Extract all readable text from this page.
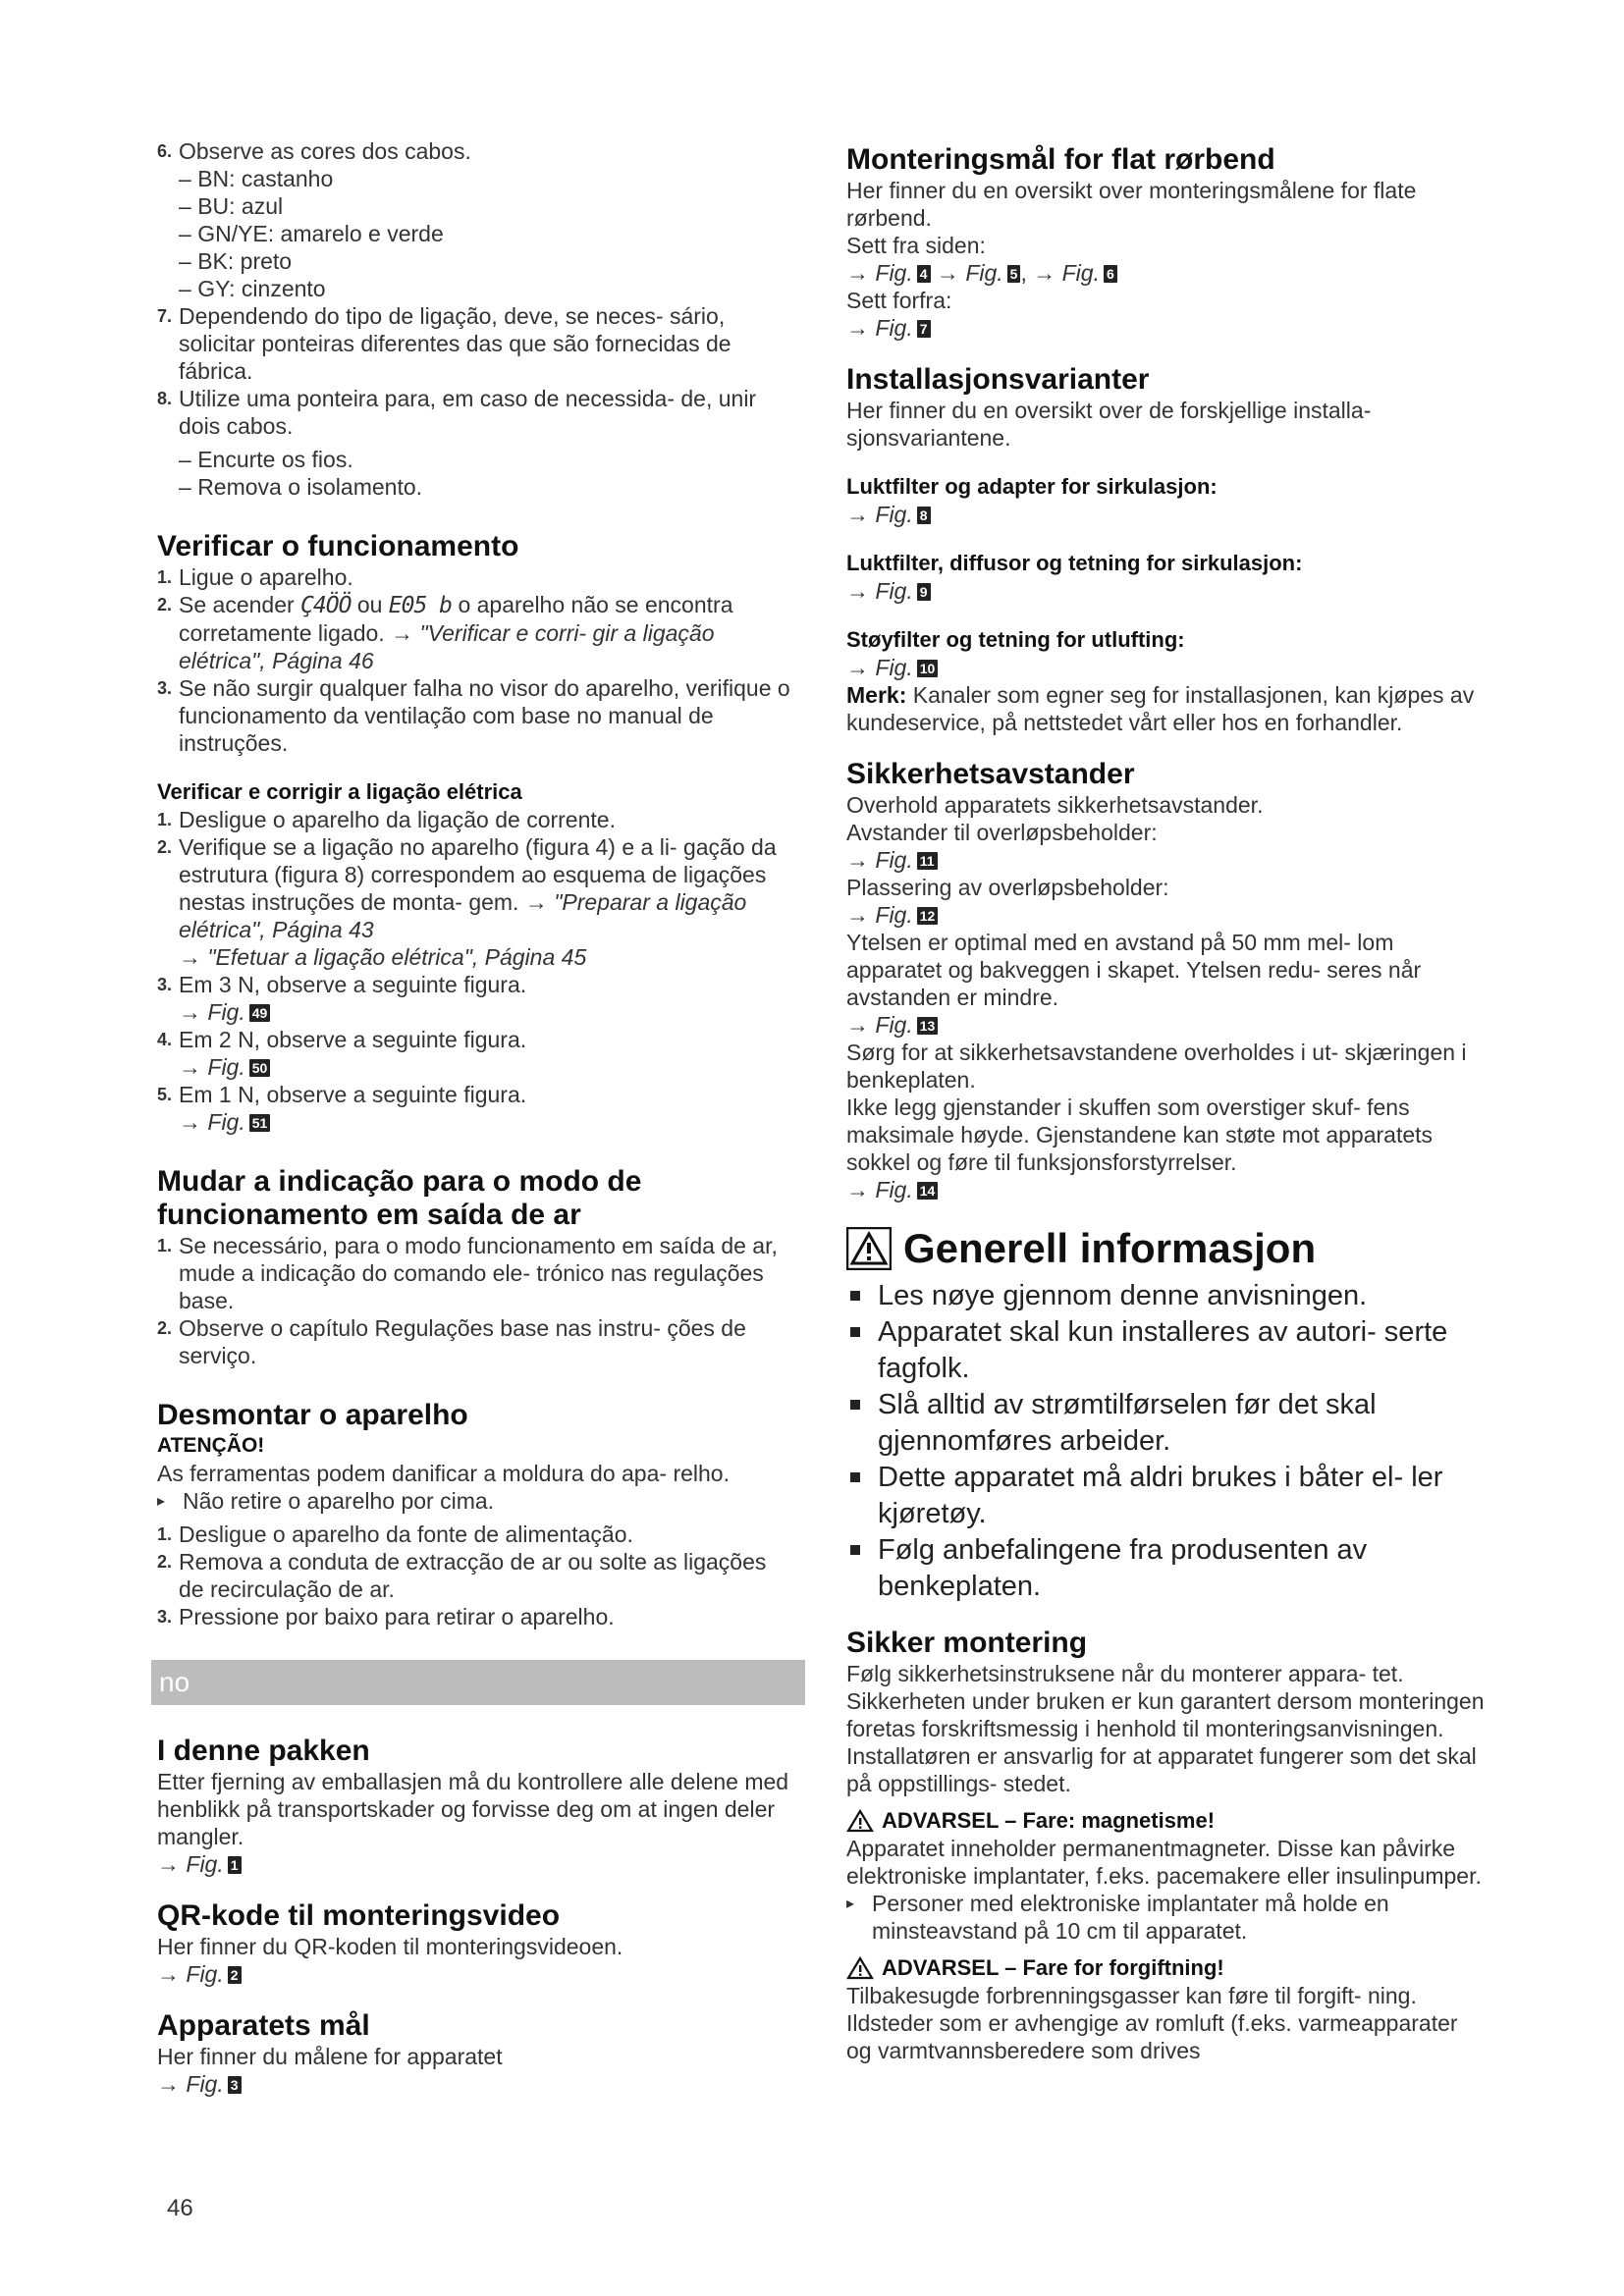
6. Observe as cores dos cabos.
– BN: castanho
– BU: azul
– GN/YE: amarelo e verde
– BK: preto
– GY: cinzento
7. Dependendo do tipo de ligação, deve, se neces- sário, solicitar ponteiras diferentes das que são fornecidas de fábrica.
8. Utilize uma ponteira para, em caso de necessida- de, unir dois cabos.
– Encurte os fios.
– Remova o isolamento.
Verificar o funcionamento
1. Ligue o aparelho.
2. Se acender Ç4ÖÖ ou E05 b o aparelho não se encontra corretamente ligado. → "Verificar e corri- gir a ligação elétrica", Página 46
3. Se não surgir qualquer falha no visor do aparelho, verifique o funcionamento da ventilação com base no manual de instruções.
Verificar e corrigir a ligação elétrica
1. Desligue o aparelho da ligação de corrente.
2. Verifique se a ligação no aparelho (figura 4) e a li- gação da estrutura (figura 8) correspondem ao esquema de ligações nestas instruções de monta- gem. → "Preparar a ligação elétrica", Página 43
→ "Efetuar a ligação elétrica", Página 45
3. Em 3 N, observe a seguinte figura.
→ Fig. 49
4. Em 2 N, observe a seguinte figura.
→ Fig. 50
5. Em 1 N, observe a seguinte figura.
→ Fig. 51
Mudar a indicação para o modo de funcionamento em saída de ar
1. Se necessário, para o modo funcionamento em saída de ar, mude a indicação do comando ele- trónico nas regulações base.
2. Observe o capítulo Regulações base nas instru- ções de serviço.
Desmontar o aparelho

ATENÇÃO!

As ferramentas podem danificar a moldura do apa- relho.

▸ Não retire o aparelho por cima.
1. Desligue o aparelho da fonte de alimentação.
2. Remova a conduta de extracção de ar ou solte as ligações de recirculação de ar.
3. Pressione por baixo para retirar o aparelho.
no
I denne pakken

Etter fjerning av emballasjen må du kontrollere alle delene med henblikk på transportskader og forvisse deg om at ingen deler mangler.

→ Fig. 1

QR-kode til monteringsvideo

Her finner du QR-koden til monteringsvideoen.

→ Fig. 2

Apparatets mål

Her finner du målene for apparatet

→ Fig. 3

Monteringsmål for flat rørbend

Her finner du en oversikt over monteringsmålene for flate rørbend.

Sett fra siden:

→ Fig. 4 → Fig. 5 , → Fig. 6

Sett forfra:

→ Fig. 7

Installasjonsvarianter

Her finner du en oversikt over de forskjellige installa- sjonsvariantene.

Luktfilter og adapter for sirkulasjon:

→ Fig. 8

Luktfilter, diffusor og tetning for sirkulasjon:

→ Fig. 9

Støyfilter og tetning for utlufting:

→ Fig. 10

Merk: Kanaler som egner seg for installasjonen, kan kjøpes av kundeservice, på nettstedet vårt eller hos en forhandler.

Sikkerhetsavstander

Overhold apparatets sikkerhetsavstander.

Avstander til overløpsbeholder:

→ Fig. 11

Plassering av overløpsbeholder:

→ Fig. 12

Ytelsen er optimal med en avstand på 50 mm mel- lom apparatet og bakveggen i skapet. Ytelsen redu- seres når avstanden er mindre.

→ Fig. 13

Sørg for at sikkerhetsavstandene overholdes i ut- skjæringen i benkeplaten.

Ikke legg gjenstander i skuffen som overstiger skuf- fens maksimale høyde. Gjenstandene kan støte mot apparatets sokkel og føre til funksjonsforstyrrelser.

→ Fig. 14

Generell informasjon
Les nøye gjennom denne anvisningen.
Apparatet skal kun installeres av autori- serte fagfolk.
Slå alltid av strømtilførselen før det skal gjennomføres arbeider.
Dette apparatet må aldri brukes i båter el- ler kjøretøy.
Følg anbefalingene fra produsenten av benkeplaten.
Sikker montering

Følg sikkerhetsinstruksene når du monterer appara- tet.

Sikkerheten under bruken er kun garantert dersom monteringen foretas forskriftsmessig i henhold til monteringsanvisningen. Installatøren er ansvarlig for at apparatet fungerer som det skal på oppstillings- stedet.

ADVARSEL – Fare: magnetisme!

Apparatet inneholder permanentmagneter. Disse kan påvirke elektroniske implantater, f.eks. pacemakere eller insulinpumper.

▸ Personer med elektroniske implantater må holde en minsteavstand på 10 cm til apparatet.
ADVARSEL – Fare for forgiftning!

Tilbakesugde forbrenningsgasser kan føre til forgift- ning. Ildsteder som er avhengige av romluft (f.eks. varmeapparater og varmtvannsberedere som drives

46
